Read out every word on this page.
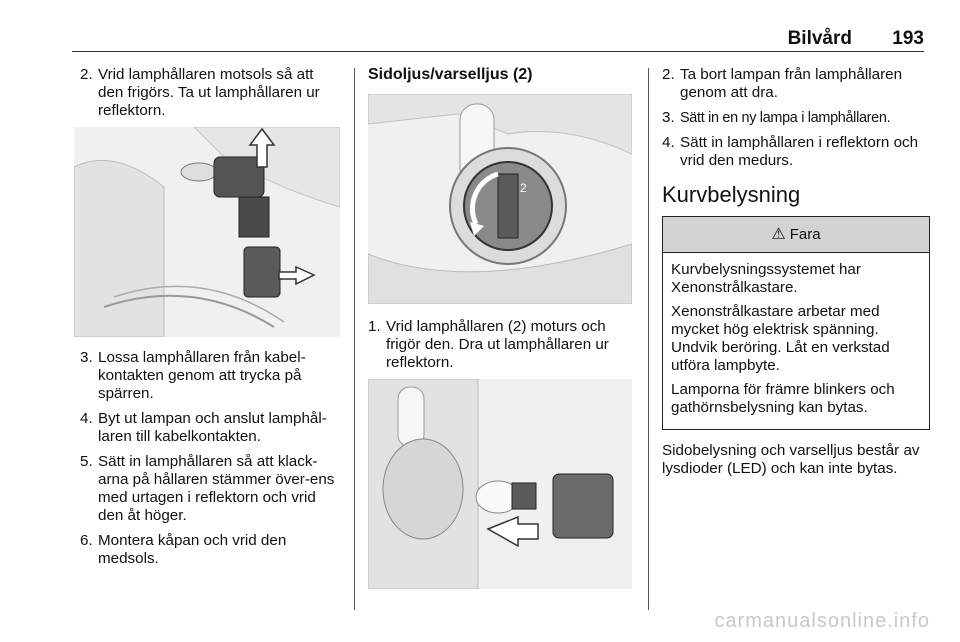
Bilvård 193
2. Vrid lamphållaren motsols så att den frigörs. Ta ut lamphållaren ur reflektorn.
3. Lossa lamphållaren från kabel-kontakten genom att trycka på spärren.
4. Byt ut lampan och anslut lamphål-laren till kabelkontakten.
5. Sätt in lamphållaren så att klack-arna på hållaren stämmer över-ens med urtagen i reflektorn och vrid den åt höger.
6. Montera kåpan och vrid den medsols.
Sidoljus/varselljus (2)
2
1. Vrid lamphållaren (2) moturs och frigör den. Dra ut lamphållaren ur reflektorn.
2. Ta bort lampan från lamphållaren genom att dra.
3. Sätt in en ny lampa i lamphållaren.
4. Sätt in lamphållaren i reflektorn och vrid den medurs.
Kurvbelysning
⚠ Fara

Kurvbelysningssystemet har Xenonstrålkastare.

Xenonstrålkastare arbetar med mycket hög elektrisk spänning. Undvik beröring. Låt en verkstad utföra lampbyte.

Lamporna för främre blinkers och gathörnsbelysning kan bytas.

Sidobelysning och varselljus består av lysdioder (LED) och kan inte bytas.

carmanualsonline.info
